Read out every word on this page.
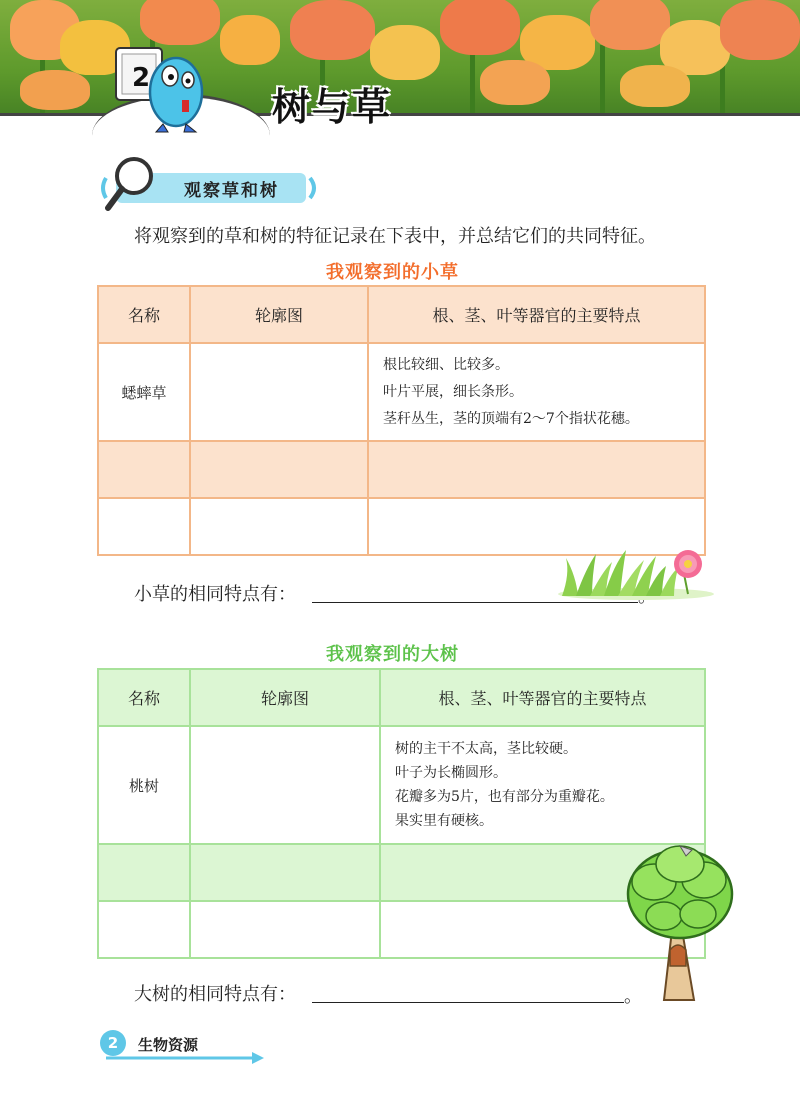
2
树与草
观察草和树
将观察到的草和树的特征记录在下表中，并总结它们的共同特征。
我观察到的小草
名称	轮廓图	根、茎、叶等器官的主要特点
蟋蟀草		根比较细、比较多。
叶片平展，细长条形。
茎秆丛生，茎的顶端有2～7个指状花穗。

小草的相同特点有：
我观察到的大树
名称	轮廓图	根、茎、叶等器官的主要特点
桃树		树的主干不太高，茎比较硬。
叶子为长椭圆形。
花瓣多为5片，也有部分为重瓣花。
果实里有硬核。

大树的相同特点有：	。
2	生物资源
